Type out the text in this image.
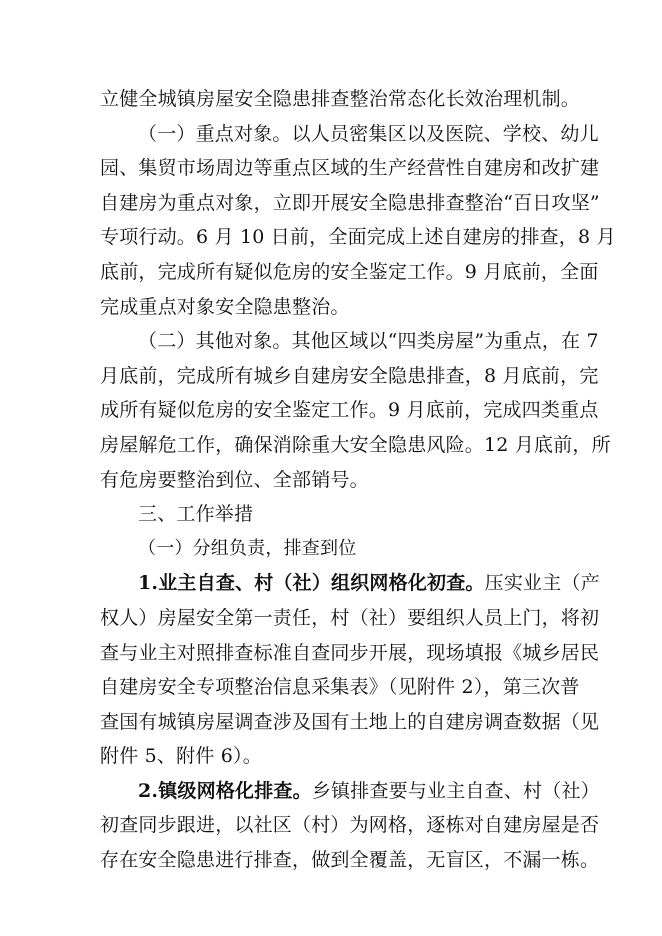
立健全城镇房屋安全隐患排查整治常态化长效治理机制。
（一）重点对象。以人员密集区以及医院、学校、幼儿
园、集贸市场周边等重点区域的生产经营性自建房和改扩建
自建房为重点对象，立即开展安全隐患排查整治“百日攻坚”
专项行动。6 月 10 日前，全面完成上述自建房的排查，8 月
底前，完成所有疑似危房的安全鉴定工作。9 月底前，全面
完成重点对象安全隐患整治。
（二）其他对象。其他区域以“四类房屋”为重点，在 7
月底前，完成所有城乡自建房安全隐患排查，8 月底前，完
成所有疑似危房的安全鉴定工作。9 月底前，完成四类重点
房屋解危工作，确保消除重大安全隐患风险。12 月底前，所
有危房要整治到位、全部销号。
三、工作举措
（一）分组负责，排查到位
1.业主自查、村（社）组织网格化初查。压实业主（产
权人）房屋安全第一责任，村（社）要组织人员上门，将初
查与业主对照排查标准自查同步开展，现场填报《城乡居民
自建房安全专项整治信息采集表》（见附件 2），第三次普
查国有城镇房屋调查涉及国有土地上的自建房调查数据（见
附件 5、附件 6）。
2.镇级网格化排查。乡镇排查要与业主自查、村（社）
初查同步跟进，以社区（村）为网格，逐栋对自建房屋是否
存在安全隐患进行排查，做到全覆盖，无盲区，不漏一栋。
